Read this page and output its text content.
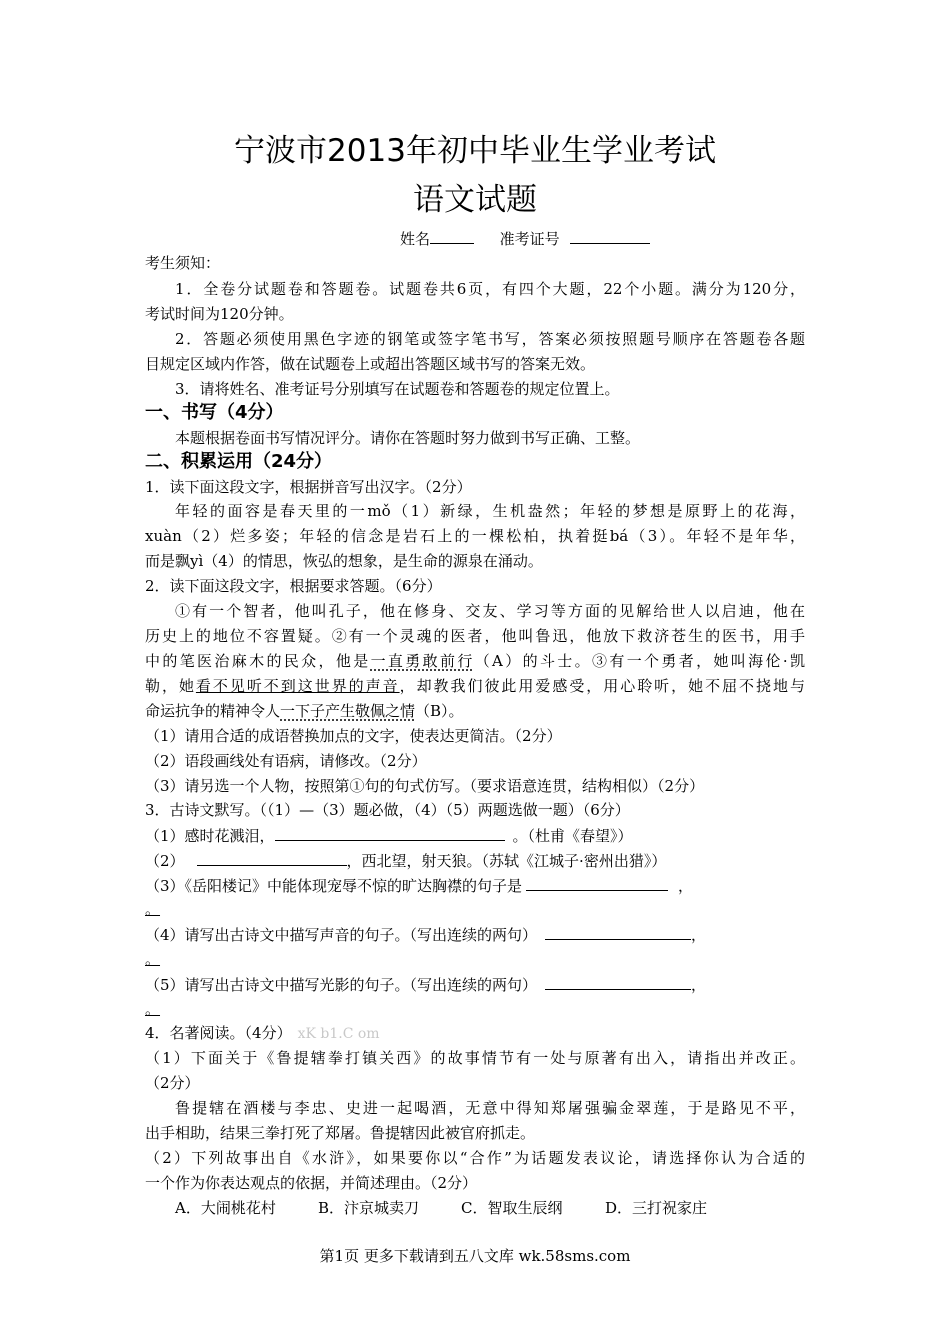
宁波市2013年初中毕业生学业考试
语文试题
姓名	准考证号
考生须知：
1．全卷分试题卷和答题卷。试题卷共6页，有四个大题，22个小题。满分为120分，
考试时间为120分钟。
2．答题必须使用黑色字迹的钢笔或签字笔书写，答案必须按照题号顺序在答题卷各题
目规定区域内作答，做在试题卷上或超出答题区域书写的答案无效。
3．请将姓名、准考证号分别填写在试题卷和答题卷的规定位置上。
一、书写（4分）
本题根据卷面书写情况评分。请你在答题时努力做到书写正确、工整。
二、积累运用（24分）
1．读下面这段文字，根据拼音写出汉字。（2分）
年轻的面容是春天里的一mǒ（1）新绿，生机盎然；年轻的梦想是原野上的花海，
xuàn（2）烂多姿；年轻的信念是岩石上的一棵松柏，执着挺bá（3）。年轻不是年华，
而是飘yì（4）的情思，恢弘的想象，是生命的源泉在涌动。
2．读下面这段文字，根据要求答题。（6分）
①有一个智者，他叫孔子，他在修身、交友、学习等方面的见解给世人以启迪，他在
历史上的地位不容置疑。②有一个灵魂的医者，他叫鲁迅，他放下救济苍生的医书，用手
中的笔医治麻木的民众，他是一直勇敢前行（A）的斗士。③有一个勇者，她叫海伦·凯
勒，她看不见听不到这世界的声音，却教我们彼此用爱感受，用心聆听，她不屈不挠地与
命运抗争的精神令人一下子产生敬佩之情（B）。
（1）请用合适的成语替换加点的文字，使表达更简洁。（2分）
（2）语段画线处有语病，请修改。（2分）
（3）请另选一个人物，按照第①句的句式仿写。（要求语意连贯，结构相似）（2分）
3．古诗文默写。（（1）—（3）题必做，（4）（5）两题选做一题）（6分）
（1）感时花溅泪，	。（杜甫《春望》）
（2）	，西北望，射天狼。（苏轼《江城子·密州出猎》）
（3）《岳阳楼记》中能体现宠辱不惊的旷达胸襟的句子是	，
。
（4）请写出古诗文中描写声音的句子。（写出连续的两句）	，
。
（5）请写出古诗文中描写光影的句子。（写出连续的两句）	，
。
4．名著阅读。（4分） xK b1.C om
（1）下面关于《鲁提辖拳打镇关西》的故事情节有一处与原著有出入，请指出并改正。
（2分）
鲁提辖在酒楼与李忠、史进一起喝酒，无意中得知郑屠强骗金翠莲，于是路见不平，
出手相助，结果三拳打死了郑屠。鲁提辖因此被官府抓走。
（2）下列故事出自《水浒》，如果要你以“合作”为话题发表议论，请选择你认为合适的
一个作为你表达观点的依据，并简述理由。（2分）
A．大闹桃花村	B．汴京城卖刀	C．智取生辰纲	D．三打祝家庄
第1页 更多下载请到五八文库 wk.58sms.com
